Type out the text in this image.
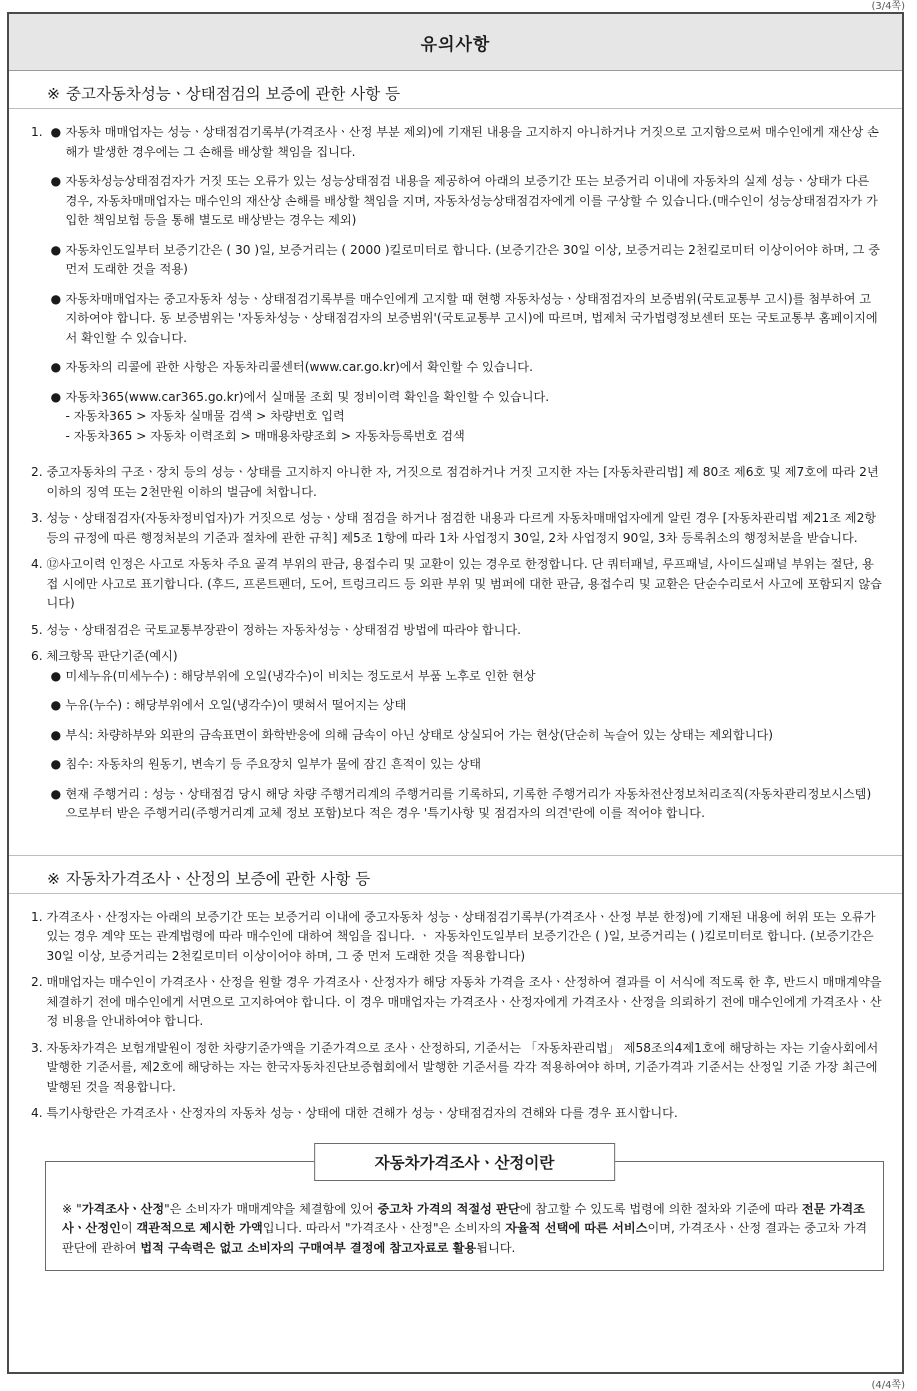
(3/4쪽)
유의사항
※ 중고자동차성능ㆍ상태점검의 보증에 관한 사항 등
1. ● 자동차 매매업자는 성능ㆍ상태점검기록부(가격조사ㆍ산정 부분 제외)에 기재된 내용을 고지하지 아니하거나 거짓으로 고지함으로써 매수인에게 재산상 손해가 발생한 경우에는 그 손해를 배상할 책임을 집니다.
● 자동차성능상태점검자가 거짓 또는 오류가 있는 성능상태점검 내용을 제공하여 아래의 보증기간 또는 보증거리 이내에 자동차의 실제 성능ㆍ상태가 다른 경우, 자동차매매업자는 매수인의 재산상 손해를 배상할 책임을 지며, 자동차성능상태점검자에게 이를 구상할 수 있습니다.(매수인이 성능상태점검자가 가입한 책임보험 등을 통해 별도로 배상받는 경우는 제외)
● 자동차인도일부터 보증기간은 ( 30 )일, 보증거리는 ( 2000 )킬로미터로 합니다. (보증기간은 30일 이상, 보증거리는 2천킬로미터 이상이어야 하며, 그 중 먼저 도래한 것을 적용)
● 자동차매매업자는 중고자동차 성능ㆍ상태점검기록부를 매수인에게 고지할 때 현행 자동차성능ㆍ상태점검자의 보증범위(국토교통부 고시)를 첨부하여 고지하여야 합니다. 동 보증범위는 '자동차성능ㆍ상태점검자의 보증범위'(국토교통부 고시)에 따르며, 법제처 국가법령정보센터 또는 국토교통부 홈페이지에서 확인할 수 있습니다.
● 자동차의 리콜에 관한 사항은 자동차리콜센터(www.car.go.kr)에서 확인할 수 있습니다.
● 자동차365(www.car365.go.kr)에서 실매물 조회 및 정비이력 확인을 확인할 수 있습니다.
- 자동차365 > 자동차 실매물 검색 > 차량번호 입력
- 자동차365 > 자동차 이력조회 > 매매용차량조회 > 자동차등록번호 검색
2. 중고자동차의 구조ㆍ장치 등의 성능ㆍ상태를 고지하지 아니한 자, 거짓으로 점검하거나 거짓 고지한 자는 [자동차관리법] 제 80조 제6호 및 제7호에 따라 2년 이하의 징역 또는 2천만원 이하의 벌금에 처합니다.
3. 성능ㆍ상태점검자(자동차정비업자)가 거짓으로 성능ㆍ상태 점검을 하거나 점검한 내용과 다르게 자동차매매업자에게 알린 경우 [자동차관리법 제21조 제2항 등의 규정에 따른 행정처분의 기준과 절차에 관한 규칙] 제5조 1항에 따라 1차 사업정지 30일, 2차 사업정지 90일, 3차 등록취소의 행정처분을 받습니다.
4. ⑫사고이력 인정은 사고로 자동차 주요 골격 부위의 판금, 용접수리 및 교환이 있는 경우로 한정합니다. 단 쿼터패널, 루프패널, 사이드실패널 부위는 절단, 용접 시에만 사고로 표기합니다. (후드, 프론트펜더, 도어, 트렁크리드 등 외판 부위 및 범퍼에 대한 판금, 용접수리 및 교환은 단순수리로서 사고에 포함되지 않습니다)
5. 성능ㆍ상태점검은 국토교통부장관이 정하는 자동차성능ㆍ상태점검 방법에 따라야 합니다.
6. 체크항목 판단기준(예시)
● 미세누유(미세누수) : 해당부위에 오일(냉각수)이 비치는 정도로서 부품 노후로 인한 현상
● 누유(누수) : 해당부위에서 오일(냉각수)이 맺혀서 떨어지는 상태
● 부식: 차량하부와 외판의 금속표면이 화학반응에 의해 금속이 아닌 상태로 상실되어 가는 현상(단순히 녹슬어 있는 상태는 제외합니다)
● 침수: 자동차의 원동기, 변속기 등 주요장치 일부가 물에 잠긴 흔적이 있는 상태
● 현재 주행거리 : 성능ㆍ상태점검 당시 해당 차량 주행거리계의 주행거리를 기록하되, 기록한 주행거리가 자동차전산정보처리조직(자동차관리정보시스템)으로부터 받은 주행거리(주행거리계 교체 정보 포함)보다 적은 경우 '특기사항 및 점검자의 의견'란에 이를 적어야 합니다.
※ 자동차가격조사ㆍ산정의 보증에 관한 사항 등
1. 가격조사ㆍ산정자는 아래의 보증기간 또는 보증거리 이내에 중고자동차 성능ㆍ상태점검기록부(가격조사ㆍ산정 부분 한정)에 기재된 내용에 허위 또는 오류가 있는 경우 계약 또는 관계법령에 따라 매수인에 대하여 책임을 집니다. ㆍ 자동차인도일부터 보증기간은 ( )일, 보증거리는 ( )킬로미터로 합니다. (보증기간은 30일 이상, 보증거리는 2천킬로미터 이상이어야 하며, 그 중 먼저 도래한 것을 적용합니다)
2. 매매업자는 매수인이 가격조사ㆍ산정을 원할 경우 가격조사ㆍ산정자가 해당 자동차 가격을 조사ㆍ산정하여 결과를 이 서식에 적도록 한 후, 반드시 매매계약을 체결하기 전에 매수인에게 서면으로 고지하여야 합니다. 이 경우 매매업자는 가격조사ㆍ산정자에게 가격조사ㆍ산정을 의뢰하기 전에 매수인에게 가격조사ㆍ산정 비용을 안내하여야 합니다.
3. 자동차가격은 보험개발원이 정한 차량기준가액을 기준가격으로 조사ㆍ산정하되, 기준서는 「자동차관리법」 제58조의4제1호에 해당하는 자는 기술사회에서 발행한 기준서를, 제2호에 해당하는 자는 한국자동차진단보증협회에서 발행한 기준서를 각각 적용하여야 하며, 기준가격과 기준서는 산정일 기준 가장 최근에 발행된 것을 적용합니다.
4. 특기사항란은 가격조사ㆍ산정자의 자동차 성능ㆍ상태에 대한 견해가 성능ㆍ상태점검자의 견해와 다를 경우 표시합니다.
자동차가격조사ㆍ산정이란
※ "가격조사ㆍ산정"은 소비자가 매매계약을 체결함에 있어 중고차 가격의 적절성 판단에 참고할 수 있도록 법령에 의한 절차와 기준에 따라 전문 가격조사ㆍ산정인이 객관적으로 제시한 가액입니다. 따라서 "가격조사ㆍ산정"은 소비자의 자율적 선택에 따른 서비스이며, 가격조사ㆍ산정 결과는 중고차 가격판단에 관하여 법적 구속력은 없고 소비자의 구매여부 결정에 참고자료로 활용됩니다.
(4/4쪽)
